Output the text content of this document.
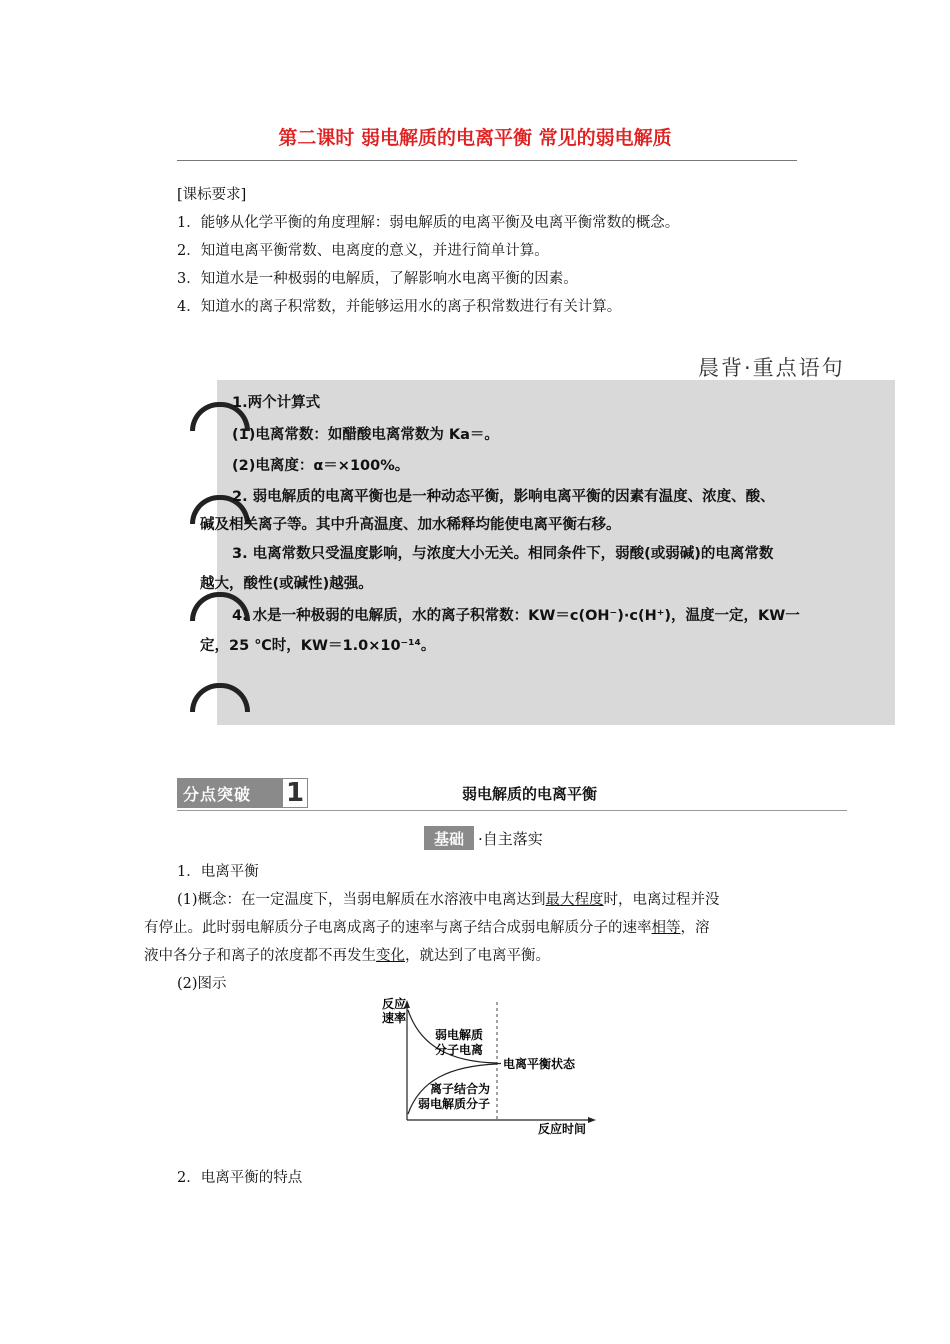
第二课时 弱电解质的电离平衡 常见的弱电解质
[课标要求]
1．能够从化学平衡的角度理解：弱电解质的电离平衡及电离平衡常数的概念。
2．知道电离平衡常数、电离度的意义，并进行简单计算。
3．知道水是一种极弱的电解质，了解影响水电离平衡的因素。
4．知道水的离子积常数，并能够运用水的离子积常数进行有关计算。
晨背·重点语句
1.两个计算式
(1)电离常数：如醋酸电离常数为 Ka＝。
(2)电离度：α＝×100%。
2. 弱电解质的电离平衡也是一种动态平衡，影响电离平衡的因素有温度、浓度、酸、
碱及相关离子等。其中升高温度、加水稀释均能使电离平衡右移。
3. 电离常数只受温度影响，与浓度大小无关。相同条件下，弱酸(或弱碱)的电离常数
越大，酸性(或碱性)越强。
4. 水是一种极弱的电解质，水的离子积常数：KW＝c(OH⁻)·c(H⁺)，温度一定，KW一
定，25 ℃时，KW＝1.0×10⁻¹⁴。
分点突破 1	弱电解质的电离平衡
基础 ·自主落实
1．电离平衡
(1)概念：在一定温度下，当弱电解质在水溶液中电离达到最大程度时，电离过程并没
有停止。此时弱电解质分子电离成离子的速率与离子结合成弱电解质分子的速率相等，溶
液中各分子和离子的浓度都不再发生变化，就达到了电离平衡。
(2)图示
反应
速率
反应时间
弱电解质
分子电离
离子结合为
弱电解质分子
电离平衡状态
2．电离平衡的特点
